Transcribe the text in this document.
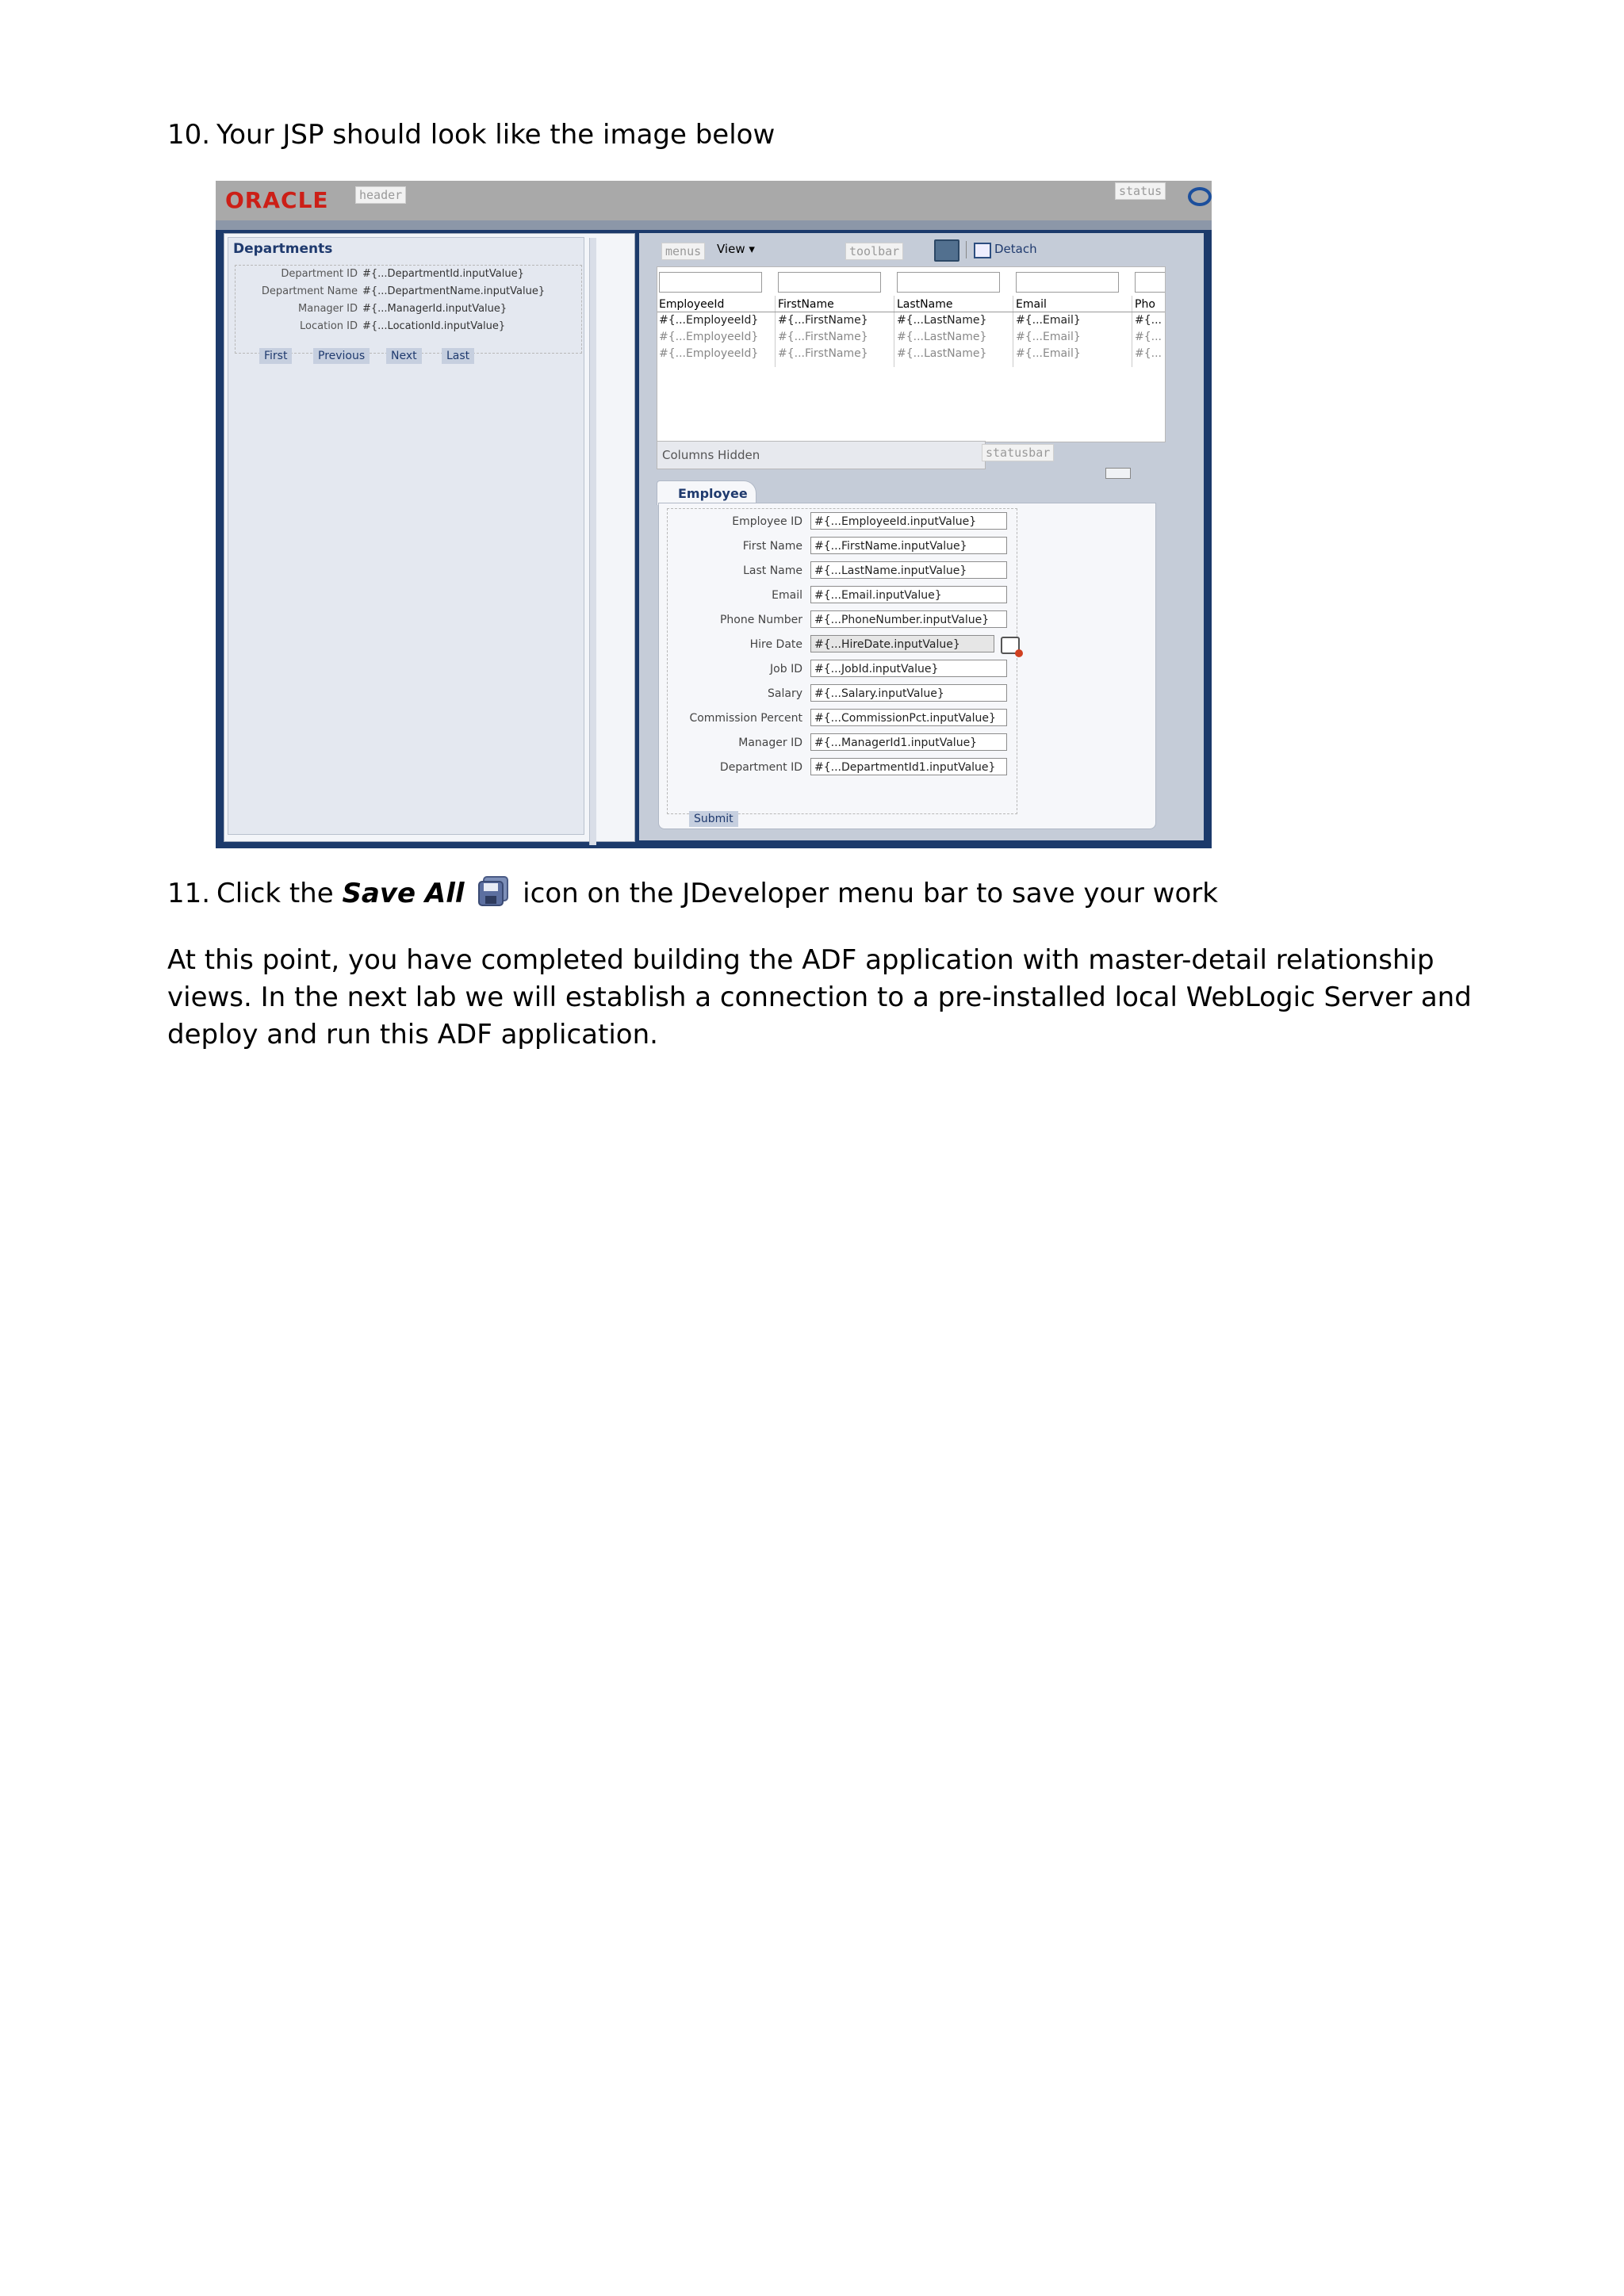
10. Your JSP should look like the image below
ORACLE	header	status
Departments
Department ID #{...DepartmentId.inputValue}
Department Name #{...DepartmentName.inputValue}
Manager ID #{...ManagerId.inputValue}
Location ID #{...LocationId.inputValue}
First	Previous	Next	Last
menus	View ▾	toolbar	Detach
EmployeeId	FirstName	LastName	Email	Pho
#{...EmployeeId}	#{...FirstName}	#{...LastName}	#{...Email}	#{...
#{...EmployeeId}	#{...FirstName}	#{...LastName}	#{...Email}	#{...
#{...EmployeeId}	#{...FirstName}	#{...LastName}	#{...Email}	#{...
Columns Hidden	statusbar
Employee
Employee ID	#{...EmployeeId.inputValue}
First Name	#{...FirstName.inputValue}
Last Name	#{...LastName.inputValue}
Email	#{...Email.inputValue}
Phone Number	#{...PhoneNumber.inputValue}
Hire Date	#{...HireDate.inputValue}
Job ID	#{...JobId.inputValue}
Salary	#{...Salary.inputValue}
Commission Percent	#{...CommissionPct.inputValue}
Manager ID	#{...ManagerId1.inputValue}
Department ID	#{...DepartmentId1.inputValue}
Submit
11. Click the Save All  icon on the JDeveloper menu bar to save your work
At this point, you have completed building the ADF application with master-detail relationship views. In the next lab we will establish a connection to a pre-installed local WebLogic Server and deploy and run this ADF application.
